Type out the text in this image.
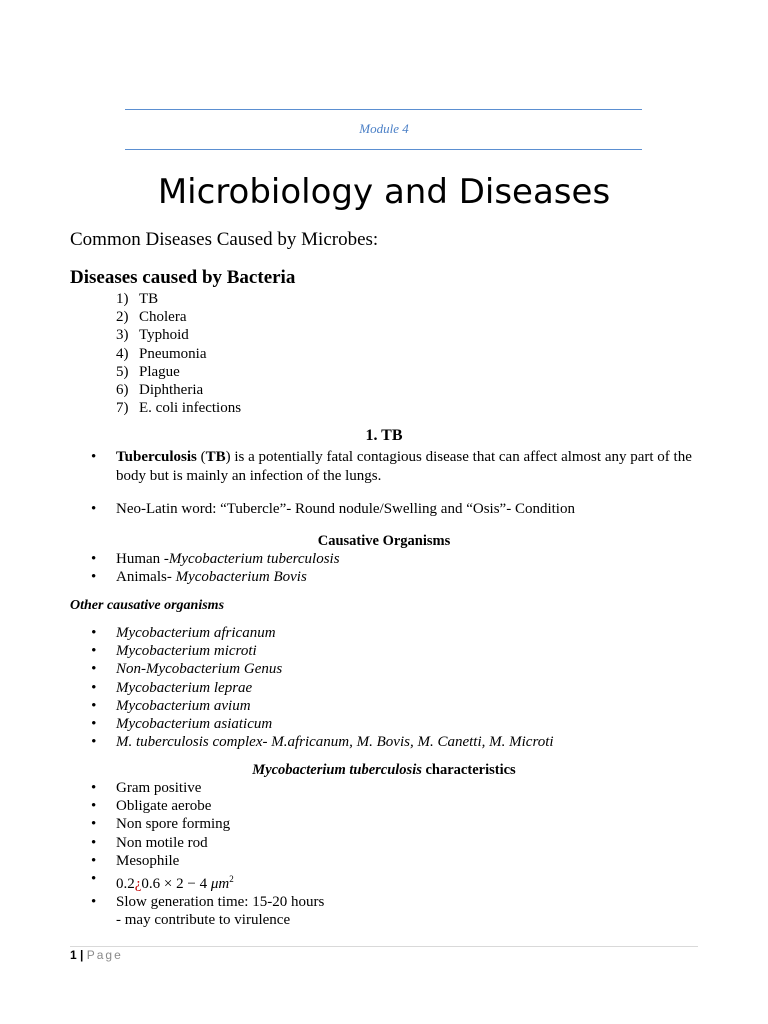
Module 4
Microbiology and Diseases
Common Diseases Caused by Microbes:
Diseases caused by Bacteria
1) TB
2) Cholera
3) Typhoid
4) Pneumonia
5) Plague
6) Diphtheria
7) E. coli infections
1. TB
• Tuberculosis (TB) is a potentially fatal contagious disease that can affect almost any part of the body but is mainly an infection of the lungs.
• Neo-Latin word: “Tubercle”- Round nodule/Swelling and “Osis”- Condition
Causative Organisms
• Human -Mycobacterium tuberculosis
• Animals- Mycobacterium Bovis
Other causative organisms
• Mycobacterium africanum
• Mycobacterium microti
• Non-Mycobacterium Genus
• Mycobacterium leprae
• Mycobacterium avium
• Mycobacterium asiaticum
• M. tuberculosis complex- M.africanum, M. Bovis, M. Canetti, M. Microti
Mycobacterium tuberculosis characteristics
• Gram positive
• Obligate aerobe
• Non spore forming
• Non motile rod
• Mesophile
• 0.2¿0.6 × 2 − 4 $\mu m^2$
• Slow generation time: 15-20 hours
- may contribute to virulence
1 | Page
